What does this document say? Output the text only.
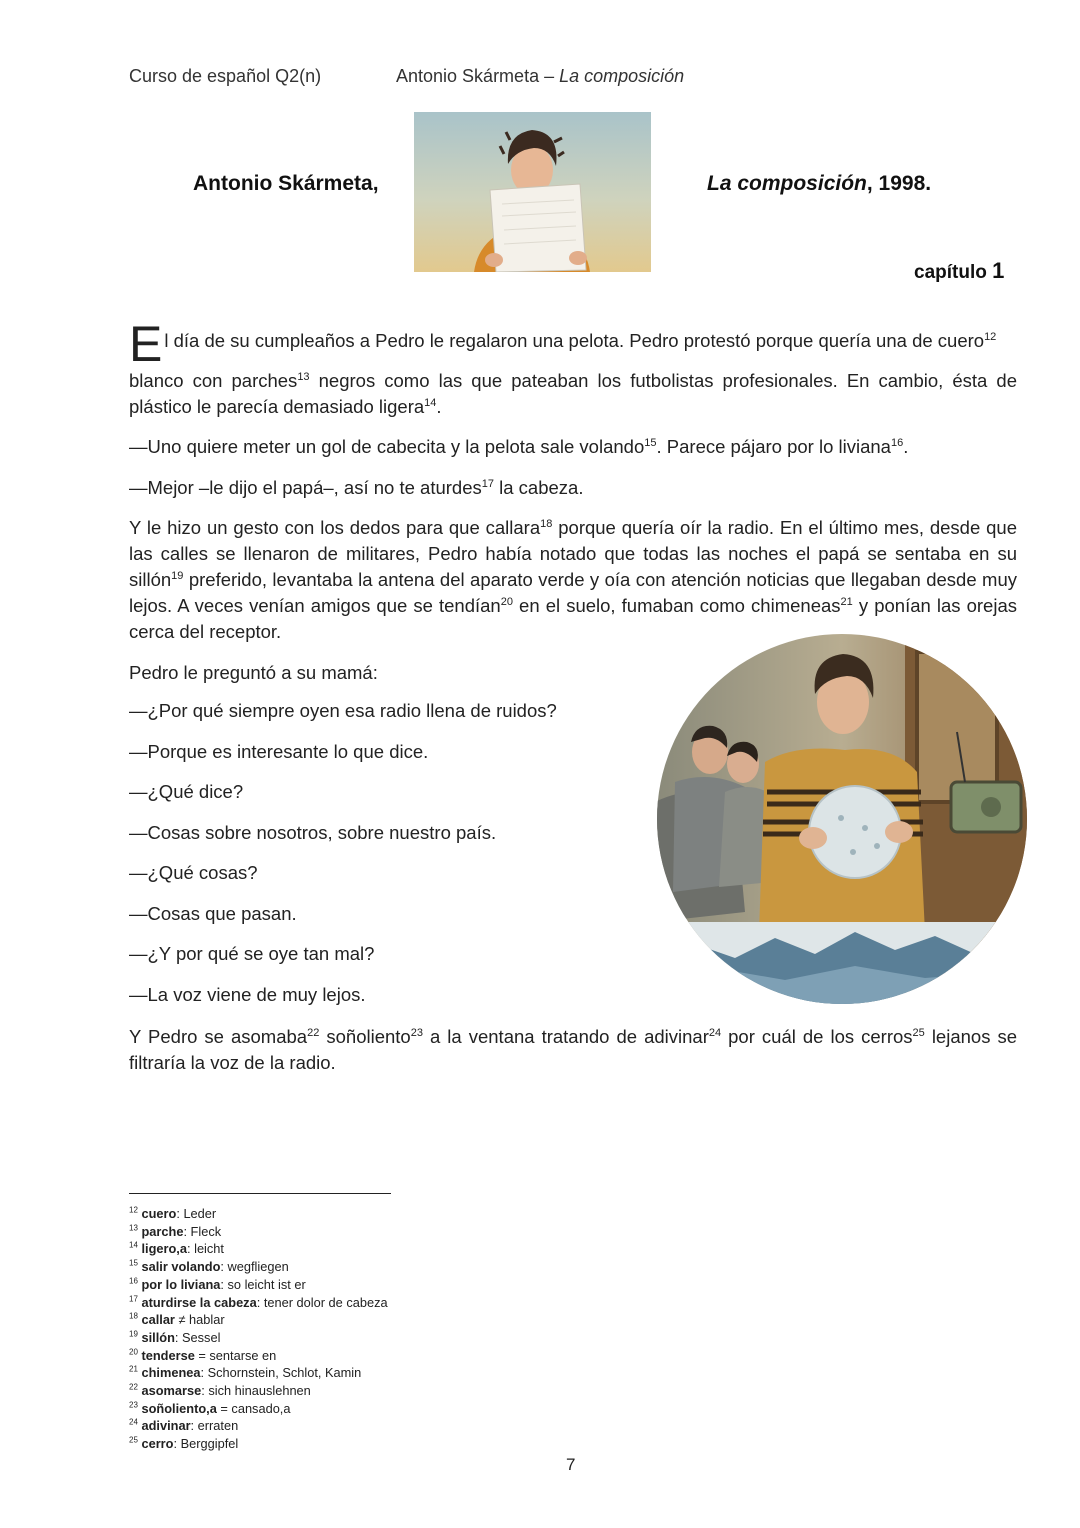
Curso de español Q2(n)	Antonio Skármeta – La composición
Antonio Skármeta,	La composición, 1998.
capítulo 1

El día de su cumpleaños a Pedro le regalaron una pelota. Pedro protestó porque quería una de cuero$^{12}$

blanco con parches$^{13}$ negros como las que pateaban los futbolistas profesionales. En cambio, ésta de plástico le parecía demasiado ligera$^{14}$.

—Uno quiere meter un gol de cabecita y la pelota sale volando$^{15}$. Parece pájaro por lo liviana$^{16}$.

—Mejor –le dijo el papá–, así no te aturdes$^{17}$ la cabeza.

Y le hizo un gesto con los dedos para que callara$^{18}$ porque quería oír la radio. En el último mes, desde que las calles se llenaron de militares, Pedro había notado que todas las noches el papá se sentaba en su sillón$^{19}$ preferido, levantaba la antena del aparato verde y oía con atención noticias que llegaban desde muy lejos. A veces venían amigos que se tendían$^{20}$ en el suelo, fumaban como chimeneas$^{21}$ y ponían las orejas cerca del receptor.

Pedro le preguntó a su mamá:
—¿Por qué siempre oyen esa radio llena de ruidos?
—Porque es interesante lo que dice.
—¿Qué dice?
—Cosas sobre nosotros, sobre nuestro país.
—¿Qué cosas?
—Cosas que pasan.
—¿Y por qué se oye tan mal?
—La voz viene de muy lejos.

Y Pedro se asomaba$^{22}$ soñoliento$^{23}$ a la ventana tratando de adivinar$^{24}$ por cuál de los cerros$^{25}$ lejanos se filtraría la voz de la radio.

$^{12}$ cuero: Leder
$^{13}$ parche: Fleck
$^{14}$ ligero,a: leicht
$^{15}$ salir volando: wegfliegen
$^{16}$ por lo liviana: so leicht ist er
$^{17}$ aturdirse la cabeza: tener dolor de cabeza
$^{18}$ callar ≠ hablar
$^{19}$ sillón: Sessel
$^{20}$ tenderse = sentarse en
$^{21}$ chimenea: Schornstein, Schlot, Kamin
$^{22}$ asomarse: sich hinauslehnen
$^{23}$ soñoliento,a = cansado,a
$^{24}$ adivinar: erraten
$^{25}$ cerro: Berggipfel
7
